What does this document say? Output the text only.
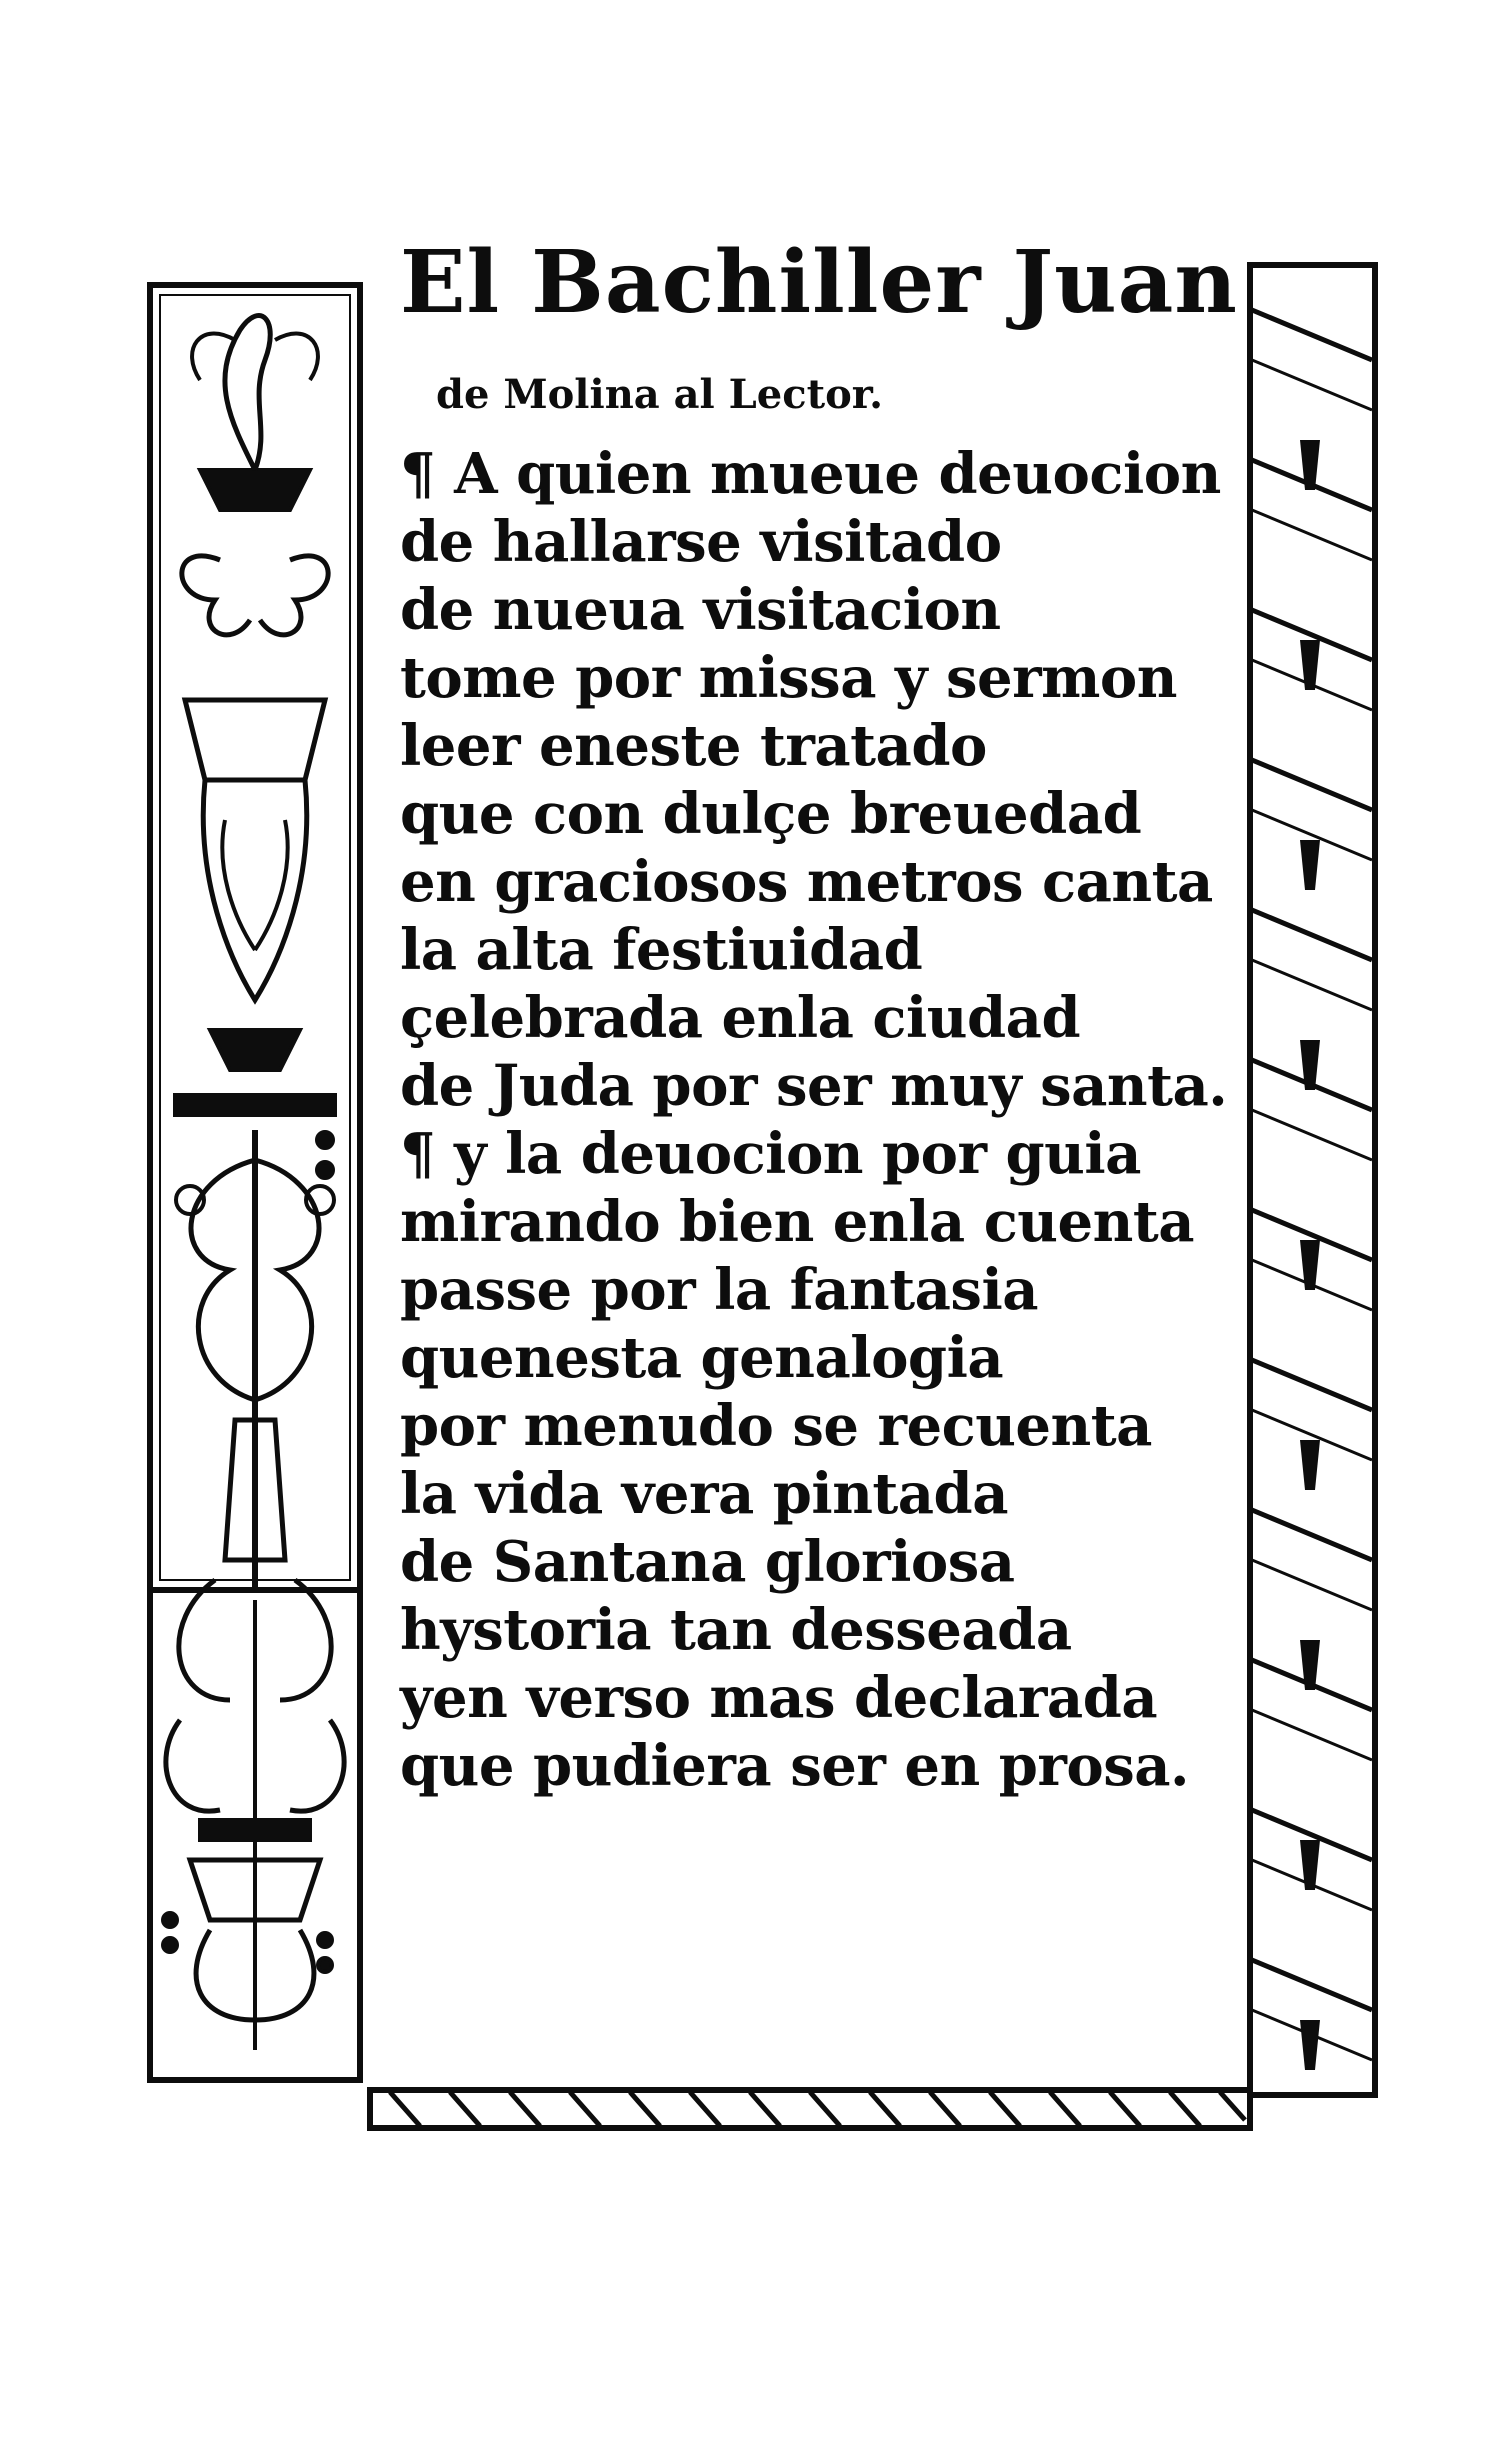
El Bachiller Juan
de Molina al Lector.
¶ A quien mueue deuocion
de hallarse visitado
de nueua visitacion
tome por missa y sermon
leer eneste tratado
que con dulçe breuedad
en graciosos metros canta
la alta festiuidad
çelebrada enla ciudad
de Juda por ser muy santa.
¶ y la deuocion por guia
mirando bien enla cuenta
passe por la fantasia
quenesta genalogia
por menudo se recuenta
la vida vera pintada
de Santana gloriosa
hystoria tan desseada
yen verso mas declarada
que pudiera ser en prosa.
